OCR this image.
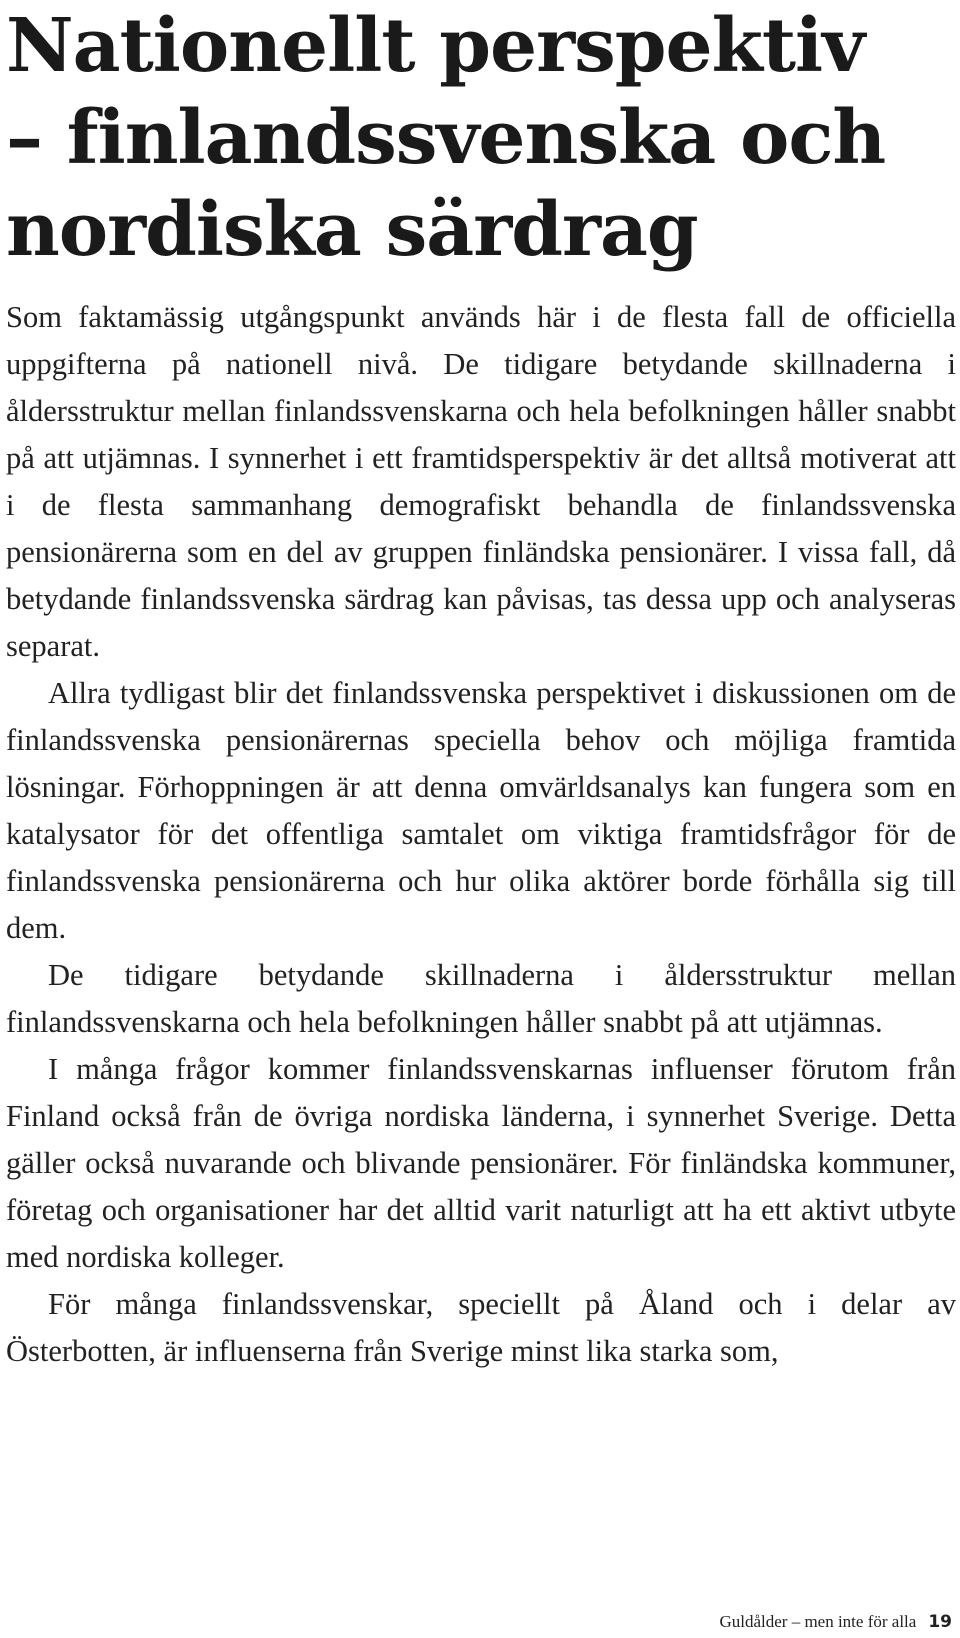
Nationellt perspektiv
– finlandssvenska och
nordiska särdrag

Som faktamässig utgångspunkt används här i de flesta fall de officiella uppgifterna på nationell nivå. De tidigare betydande skillnaderna i åldersstruktur mellan finlandssvenskarna och hela befolkningen håller snabbt på att utjämnas. I synnerhet i ett framtidsperspektiv är det alltså motiverat att i de flesta sammanhang demografiskt behandla de finlandssvenska pensionärerna som en del av gruppen finländska pensionärer. I vissa fall, då betydande finlandssvenska särdrag kan påvisas, tas dessa upp och analyseras separat.

Allra tydligast blir det finlandssvenska perspektivet i diskussionen om de finlandssvenska pensionärernas speciella behov och möjliga framtida lösningar. Förhoppningen är att denna omvärldsanalys kan fungera som en katalysator för det offentliga samtalet om viktiga framtidsfrågor för de finlandssvenska pensionärerna och hur olika aktörer borde förhålla sig till dem.

De tidigare betydande skillnaderna i åldersstruktur mellan finlandssvenskarna och hela befolkningen håller snabbt på att utjämnas.

I många frågor kommer finlandssvenskarnas influenser förutom från Finland också från de övriga nordiska länderna, i synnerhet Sverige. Detta gäller också nuvarande och blivande pensionärer. För finländska kommuner, företag och organisationer har det alltid varit naturligt att ha ett aktivt utbyte med nordiska kolleger.

För många finlandssvenskar, speciellt på Åland och i delar av Österbotten, är influenserna från Sverige minst lika starka som,

Guldålder – men inte för alla 19
